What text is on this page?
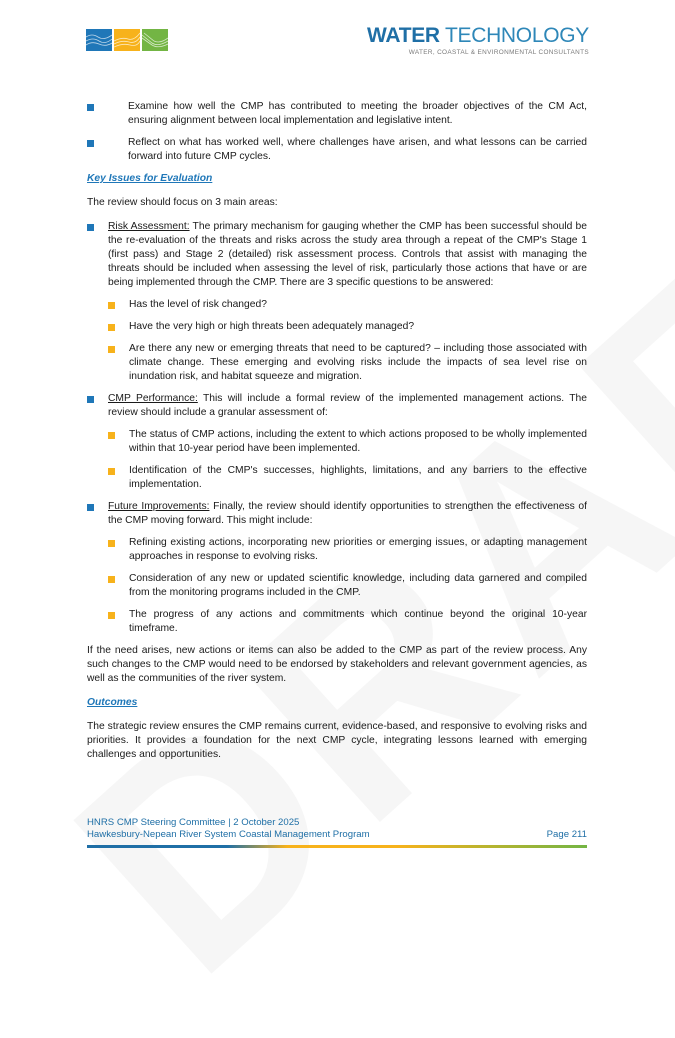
WATER TECHNOLOGY
WATER, COASTAL & ENVIRONMENTAL CONSULTANTS
Examine how well the CMP has contributed to meeting the broader objectives of the CM Act, ensuring alignment between local implementation and legislative intent.
Reflect on what has worked well, where challenges have arisen, and what lessons can be carried forward into future CMP cycles.
Key Issues for Evaluation

The review should focus on 3 main areas:

Risk Assessment: The primary mechanism for gauging whether the CMP has been successful should be the re-evaluation of the threats and risks across the study area through a repeat of the CMP's Stage 1 (first pass) and Stage 2 (detailed) risk assessment process. Controls that assist with managing the threats should be included when assessing the level of risk, particularly those actions that have or are being implemented through the CMP. There are 3 specific questions to be answered:
Has the level of risk changed?
Have the very high or high threats been adequately managed?
Are there any new or emerging threats that need to be captured? – including those associated with climate change. These emerging and evolving risks include the impacts of sea level rise on inundation risk, and habitat squeeze and migration.
CMP Performance: This will include a formal review of the implemented management actions. The review should include a granular assessment of:
The status of CMP actions, including the extent to which actions proposed to be wholly implemented within that 10-year period have been implemented.
Identification of the CMP's successes, highlights, limitations, and any barriers to the effective implementation.
Future Improvements: Finally, the review should identify opportunities to strengthen the effectiveness of the CMP moving forward. This might include:
Refining existing actions, incorporating new priorities or emerging issues, or adapting management approaches in response to evolving risks.
Consideration of any new or updated scientific knowledge, including data garnered and compiled from the monitoring programs included in the CMP.
The progress of any actions and commitments which continue beyond the original 10-year timeframe.

If the need arises, new actions or items can also be added to the CMP as part of the review process. Any such changes to the CMP would need to be endorsed by stakeholders and relevant government agencies, as well as the communities of the river system.

Outcomes

The strategic review ensures the CMP remains current, evidence-based, and responsive to evolving risks and priorities. It provides a foundation for the next CMP cycle, integrating lessons learned with emerging challenges and opportunities.

HNRS CMP Steering Committee | 2 October 2025
Hawkesbury-Nepean River System Coastal Management Program	Page 211
